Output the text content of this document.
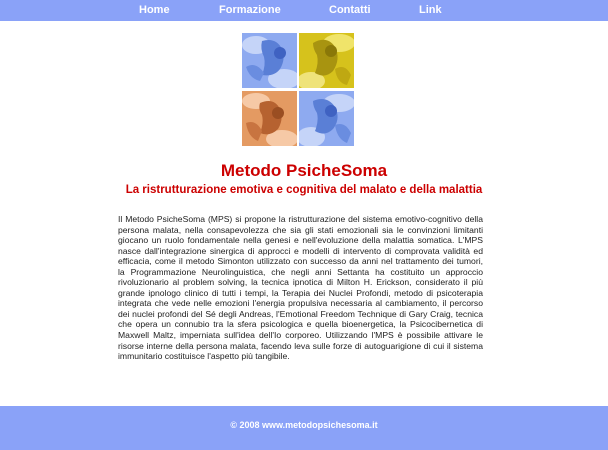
Home	Formazione	Contatti	Link
Metodo PsicheSoma
La ristrutturazione emotiva e cognitiva del malato e della malattia

Il Metodo PsicheSoma (MPS) si propone la ristrutturazione del sistema emotivo-cognitivo della persona malata, nella consapevolezza che sia gli stati emozionali sia le convinzioni limitanti giocano un ruolo fondamentale nella genesi e nell'evoluzione della malattia somatica. L'MPS nasce dall'integrazione sinergica di approcci e modelli di intervento di comprovata validità ed efficacia, come il metodo Simonton utilizzato con successo da anni nel trattamento dei tumori, la Programmazione Neurolinguistica, che negli anni Settanta ha costituito un approccio rivoluzionario al problem solving, la tecnica ipnotica di Milton H. Erickson, considerato il più grande ipnologo clinico di tutti i tempi, la Terapia dei Nuclei Profondi, metodo di psicoterapia integrata che vede nelle emozioni l'energia propulsiva necessaria al cambiamento, il percorso dei nuclei profondi del Sé degli Andreas, l'Emotional Freedom Technique di Gary Craig, tecnica che opera un connubio tra la sfera psicologica e quella bioenergetica, la Psicocibernetica di Maxwell Maltz, imperniata sull'idea dell'Io corporeo. Utilizzando l'MPS è possibile attivare le risorse interne della persona malata, facendo leva sulle forze di autoguarigione di cui il sistema immunitario costituisce l'aspetto più tangibile.

© 2008 www.metodopsichesoma.it
